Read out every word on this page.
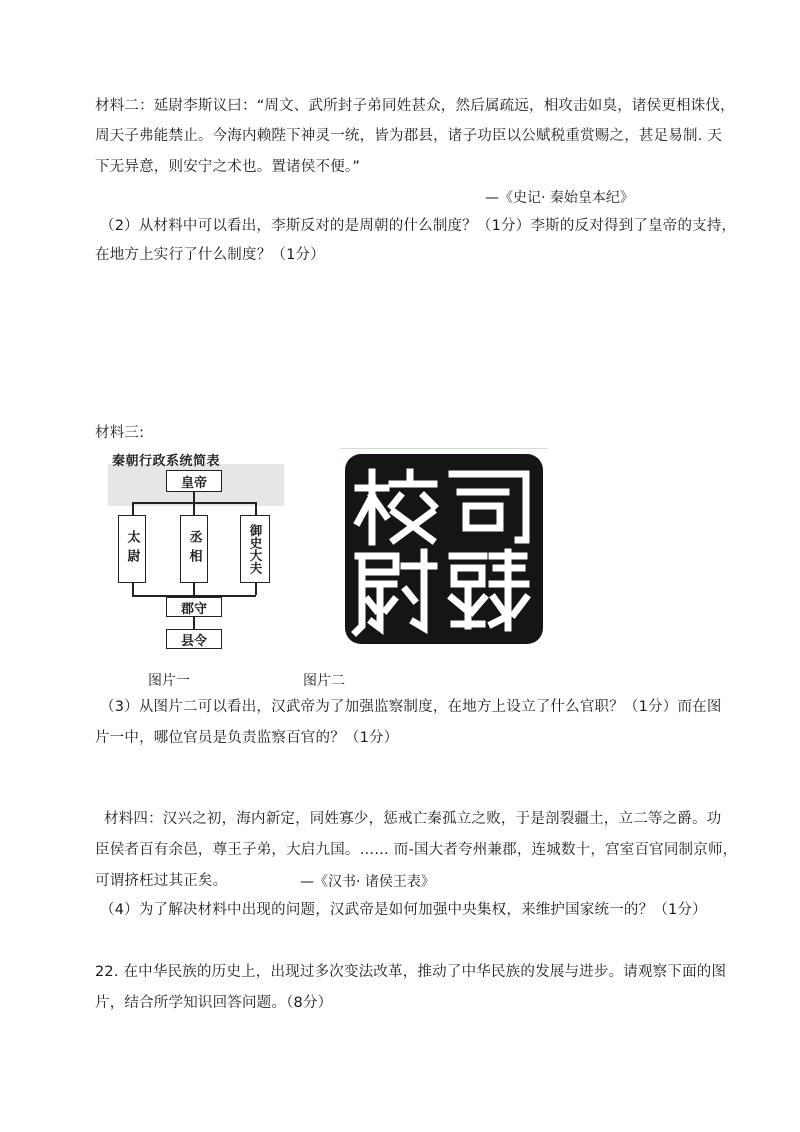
材料二：延尉李斯议曰：“周文、武所封子弟同姓甚众，然后属疏远，相攻击如臭，诸侯更相诛伐，
周天子弗能禁止。今海内赖陛下神灵一统，皆为郡县，诸子功臣以公赋税重赏赐之，甚足易制. 天
下无异意，则安宁之术也。置诸侯不便。”
—《史记· 秦始皇本纪》
（2）从材料中可以看出，李斯反对的是周朝的什么制度？（1分）李斯的反对得到了皇帝的支持，
在地方上实行了什么制度？（1分）
材料三:
秦朝行政系统简表
皇帝
太尉	丞相	御史大夫
郡守
县令
图片一	图片二
（3）从图片二可以看出，汉武帝为了加强监察制度，在地方上设立了什么官职？（1分）而在图
片一中，哪位官员是负责监察百官的？（1分）
材料四：汉兴之初，海内新定，同姓寡少，惩戒亡秦孤立之败，于是剖裂疆土，立二等之爵。功
臣侯者百有余邑，尊王子弟，大启九国。…… 而-国大者夸州兼郡，连城数十，宫室百官同制京师，
可谓挤枉过其正矣。	—《汉书· 诸侯王表》
（4）为了解决材料中出现的问题，汉武帝是如何加强中央集权，来维护国家统一的？（1分）
22. 在中华民族的历史上，出现过多次变法改革，推动了中华民族的发展与进步。请观察下面的图
片，结合所学知识回答问题。（8分）
